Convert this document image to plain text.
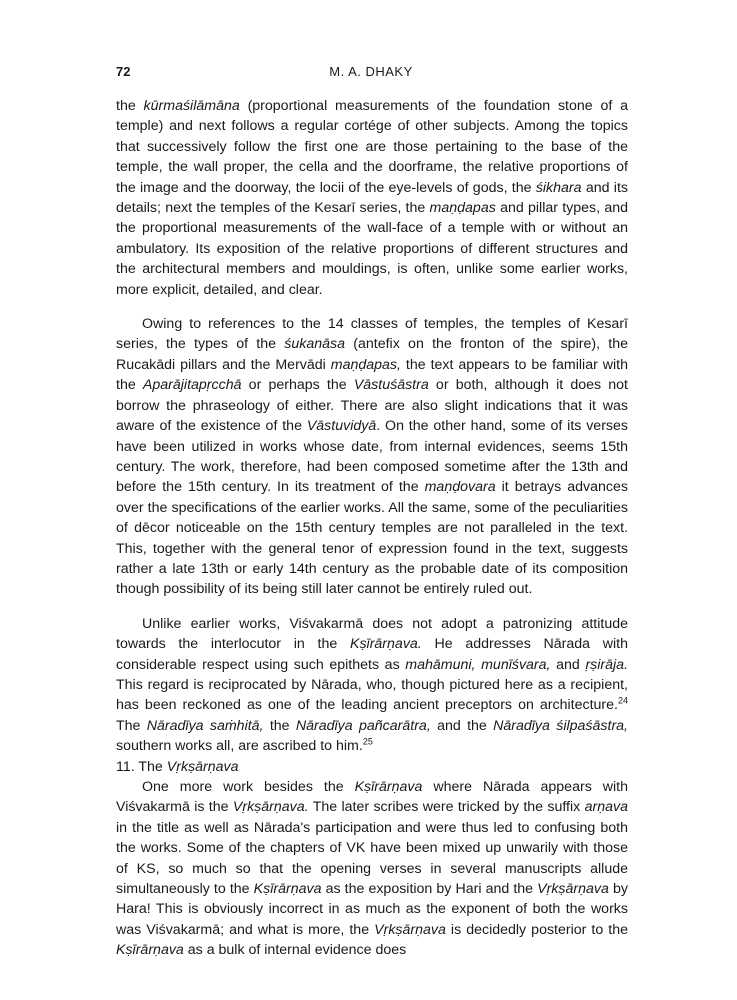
72	M. A. DHAKY

the kūrmaśilāmāna (proportional measurements of the foundation stone of a temple) and next follows a regular cortége of other subjects. Among the topics that successively follow the first one are those pertaining to the base of the temple, the wall proper, the cella and the doorframe, the relative proportions of the image and the doorway, the locii of the eye-levels of gods, the śikhara and its details; next the temples of the Kesarī series, the maṇḍapas and pillar types, and the proportional measurements of the wall-face of a temple with or without an ambulatory. Its exposition of the relative proportions of different structures and the architectural members and mouldings, is often, unlike some earlier works, more explicit, detailed, and clear.

Owing to references to the 14 classes of temples, the temples of Kesarī series, the types of the śukanāsa (antefix on the fronton of the spire), the Rucakādi pillars and the Mervādi maṇḍapas, the text appears to be familiar with the Aparājitapṛcchā or perhaps the Vāstuśāstra or both, although it does not borrow the phraseology of either. There are also slight indications that it was aware of the existence of the Vāstuvidyā. On the other hand, some of its verses have been utilized in works whose date, from internal evidences, seems 15th century. The work, therefore, had been composed sometime after the 13th and before the 15th century. In its treatment of the maṇḍovara it betrays advances over the specifications of the earlier works. All the same, some of the peculiarities of dēcor noticeable on the 15th century temples are not paralleled in the text. This, together with the general tenor of expression found in the text, suggests rather a late 13th or early 14th century as the probable date of its composition though possibility of its being still later cannot be entirely ruled out.

Unlike earlier works, Viśvakarmā does not adopt a patronizing attitude towards the interlocutor in the Kṣīrārṇava. He addresses Nārada with considerable respect using such epithets as mahāmuni, munīśvara, and ṛṣirāja. This regard is reciprocated by Nārada, who, though pictured here as a recipient, has been reckoned as one of the leading ancient preceptors on architecture.$^{24}$ The Nāradīya saṁhitā, the Nāradīya pañcarātra, and the Nāradīya śilpaśāstra, southern works all, are ascribed to him.$^{25}$

11. The Vṛkṣārṇava

One more work besides the Kṣīrārṇava where Nārada appears with Viśvakarmā is the Vṛkṣārṇava. The later scribes were tricked by the suffix arṇava in the title as well as Nārada's participation and were thus led to confusing both the works. Some of the chapters of VK have been mixed up unwarily with those of KS, so much so that the opening verses in several manuscripts allude simultaneously to the Kṣīrārṇava as the exposition by Hari and the Vṛkṣārṇava by Hara! This is obviously incorrect in as much as the exponent of both the works was Viśvakarmā; and what is more, the Vṛkṣārṇava is decidedly posterior to the Kṣīrārṇava as a bulk of internal evidence does
